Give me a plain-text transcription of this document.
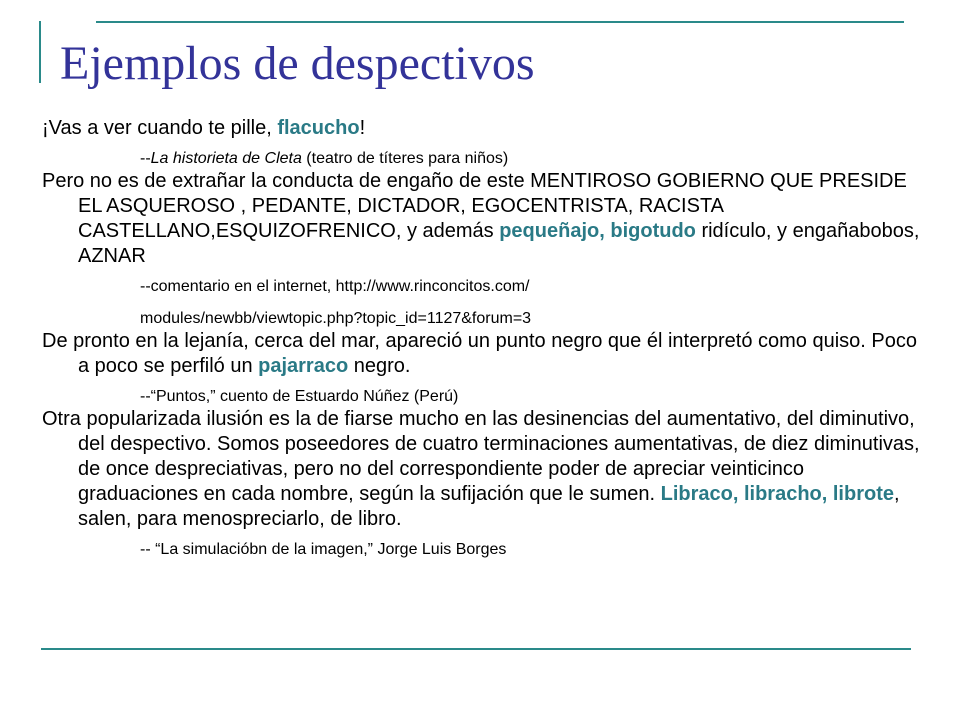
Ejemplos de despectivos

¡Vas a ver cuando te pille, flacucho!

--La historieta de Cleta (teatro de títeres para niños)

Pero no es de extrañar la conducta de engaño de este MENTIROSO GOBIERNO QUE PRESIDE EL ASQUEROSO , PEDANTE, DICTADOR, EGOCENTRISTA, RACISTA CASTELLANO,ESQUIZOFRENICO, y además pequeñajo, bigotudo ridículo, y engañabobos, AZNAR

--comentario en el internet, http://www.rinconcitos.com/

modules/newbb/viewtopic.php?topic_id=1127&forum=3

De pronto en la lejanía, cerca del mar, apareció un punto negro que él interpretó como quiso. Poco a poco se perfiló un pajarraco negro.

--“Puntos,” cuento de Estuardo Núñez (Perú)

Otra popularizada ilusión es la de fiarse mucho en las desinencias del aumentativo, del diminutivo, del despectivo. Somos poseedores de cuatro terminaciones aumentativas, de diez diminutivas, de once despreciativas, pero no del correspondiente poder de apreciar veinticinco graduaciones en cada nombre, según la sufijación que le sumen. Libraco, libracho, librote, salen, para menospreciarlo, de libro.

-- “La simulacióbn de la imagen,” Jorge Luis Borges
